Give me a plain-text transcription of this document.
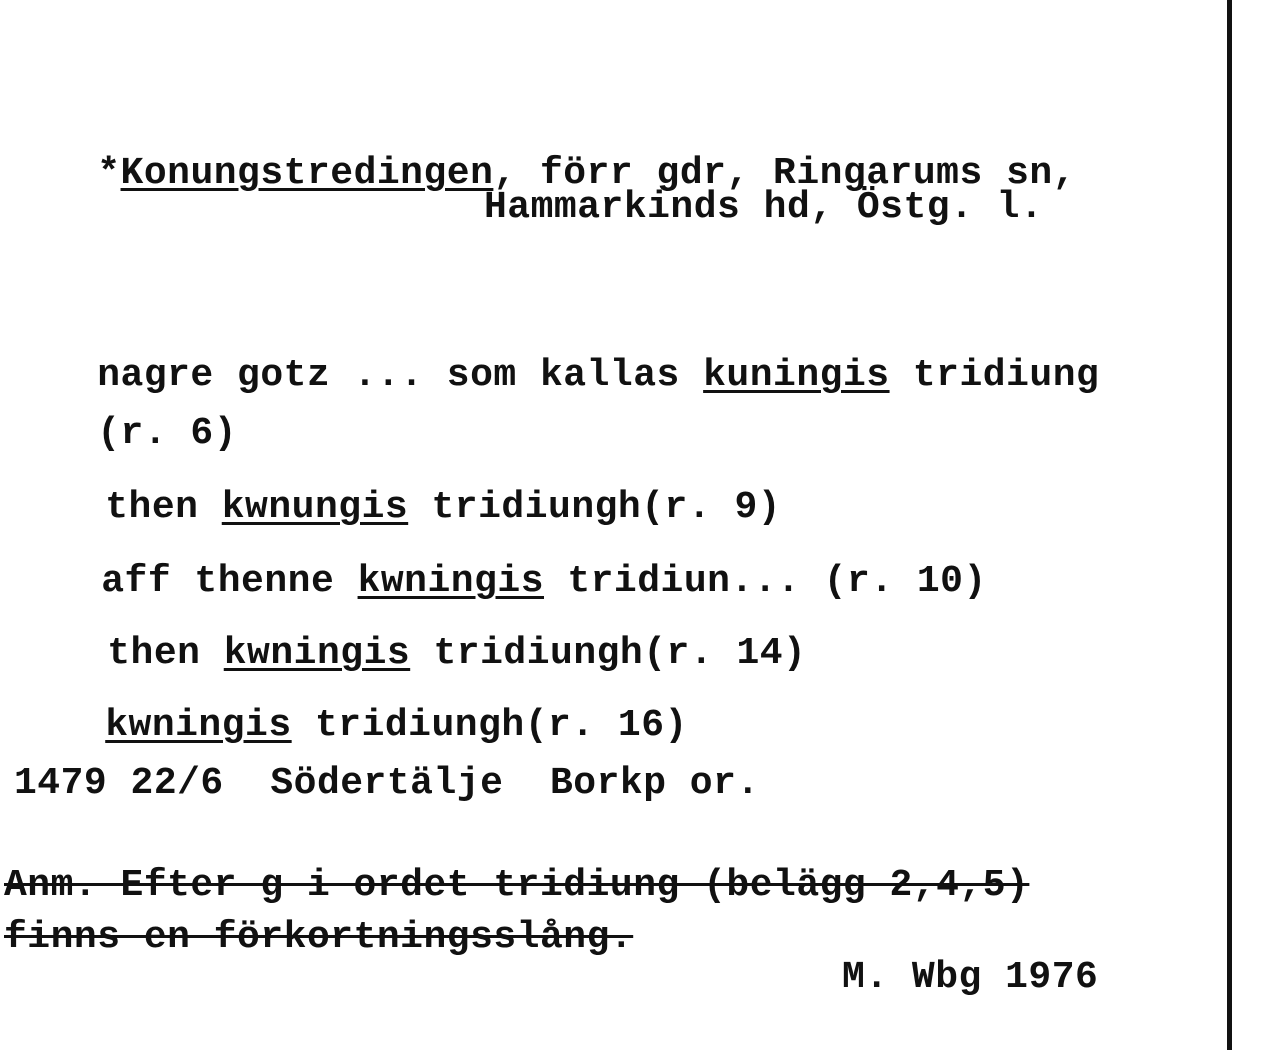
*Konungstredingen, förr gdr, Ringarums sn,

Hammarkinds hd, Östg. l.

nagre gotz ... som kallas kuningis tridiung

(r. 6)

then kwnungis tridiungh(r. 9)

aff thenne kwningis tridiun... (r. 10)

then kwningis tridiungh(r. 14)

kwningis tridiungh(r. 16)

1479 22/6  Södertälje  Borkp or.
Anm. Efter g i ordet tridiung (belägg 2,4,5)
finns en förkortningsslång.
M. Wbg 1976
